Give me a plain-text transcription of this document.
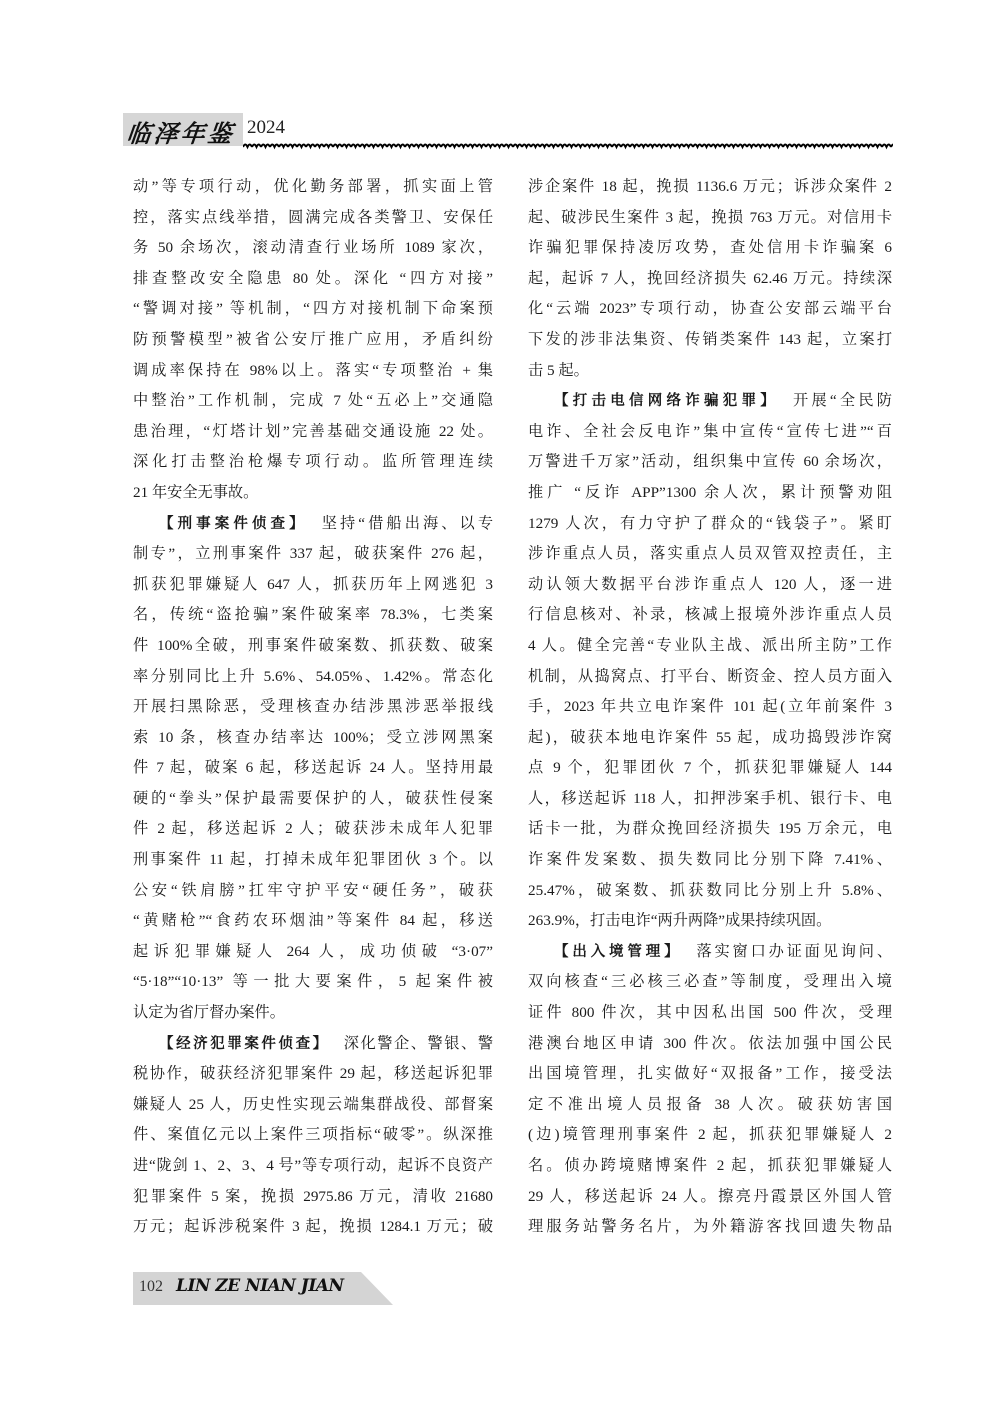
临泽年鉴 2024
动”等专项行动，优化勤务部署，抓实面上管
控，落实点线举措，圆满完成各类警卫、安保任
务 50 余场次，滚动清查行业场所 1089 家次，
排查整改安全隐患 80 处。深化 “四方对接”
“警调对接” 等机制，“四方对接机制下命案预
防预警模型”被省公安厅推广应用，矛盾纠纷
调成率保持在 98%以上。落实“专项整治 + 集
中整治”工作机制，完成 7 处“五必上”交通隐
患治理，“灯塔计划”完善基础交通设施 22 处。
深化打击整治枪爆专项行动。监所管理连续
21 年安全无事故。
【刑事案件侦查】 坚持“借船出海、以专
制专”，立刑事案件 337 起，破获案件 276 起，
抓获犯罪嫌疑人 647 人，抓获历年上网逃犯 3
名，传统“盗抢骗”案件破案率 78.3%，七类案
件 100%全破，刑事案件破案数、抓获数、破案
率分别同比上升 5.6%、54.05%、1.42%。常态化
开展扫黑除恶，受理核查办结涉黑涉恶举报线
索 10 条，核查办结率达 100%；受立涉网黑案
件 7 起，破案 6 起，移送起诉 24 人。坚持用最
硬的“拳头”保护最需要保护的人，破获性侵案
件 2 起，移送起诉 2 人；破获涉未成年人犯罪
刑事案件 11 起，打掉未成年犯罪团伙 3 个。以
公安“铁肩膀”扛牢守护平安“硬任务”，破获
“黄赌枪”“食药农环烟油”等案件 84 起，移送
起诉犯罪嫌疑人 264 人，成功侦破 “3·07”
“5·18”“10·13” 等一批大要案件，5 起案件被
认定为省厅督办案件。
【经济犯罪案件侦查】 深化警企、警银、警
税协作，破获经济犯罪案件 29 起，移送起诉犯罪
嫌疑人 25 人，历史性实现云端集群战役、部督案
件、案值亿元以上案件三项指标“破零”。纵深推
进“陇剑 1、2、3、4 号”等专项行动，起诉不良资产
犯罪案件 5 案，挽损 2975.86 万元，清收 21680
万元；起诉涉税案件 3 起，挽损 1284.1 万元；破
涉企案件 18 起，挽损 1136.6 万元；诉涉众案件 2
起、破涉民生案件 3 起，挽损 763 万元。对信用卡
诈骗犯罪保持凌厉攻势，查处信用卡诈骗案 6
起，起诉 7 人，挽回经济损失 62.46 万元。持续深
化“云端 2023”专项行动，协查公安部云端平台
下发的涉非法集资、传销类案件 143 起，立案打
击 5 起。
【打击电信网络诈骗犯罪】 开展“全民防
电诈、全社会反电诈”集中宣传“宣传七进”“百
万警进千万家”活动，组织集中宣传 60 余场次，
推广 “反诈 APP”1300 余人次，累计预警劝阻
1279 人次，有力守护了群众的“钱袋子”。紧盯
涉诈重点人员，落实重点人员双管双控责任，主
动认领大数据平台涉诈重点人 120 人，逐一进
行信息核对、补录，核减上报境外涉诈重点人员
4 人。健全完善“专业队主战、派出所主防”工作
机制，从捣窝点、打平台、断资金、控人员方面入
手，2023 年共立电诈案件 101 起(立年前案件 3
起)，破获本地电诈案件 55 起，成功捣毁涉诈窝
点 9 个，犯罪团伙 7 个，抓获犯罪嫌疑人 144
人，移送起诉 118 人，扣押涉案手机、银行卡、电
话卡一批，为群众挽回经济损失 195 万余元，电
诈案件发案数、损失数同比分别下降 7.41%、
25.47%，破案数、抓获数同比分别上升 5.8%、
263.9%，打击电诈“两升两降”成果持续巩固。
【出入境管理】 落实窗口办证面见询问、
双向核查“三必核三必查”等制度，受理出入境
证件 800 件次，其中因私出国 500 件次，受理
港澳台地区申请 300 件次。依法加强中国公民
出国境管理，扎实做好“双报备”工作，接受法
定不准出境人员报备 38 人次。破获妨害国
(边)境管理刑事案件 2 起，抓获犯罪嫌疑人 2
名。侦办跨境赌博案件 2 起，抓获犯罪嫌疑人
29 人，移送起诉 24 人。擦亮丹霞景区外国人管
理服务站警务名片，为外籍游客找回遗失物品
102 LIN ZE NIAN JIAN
